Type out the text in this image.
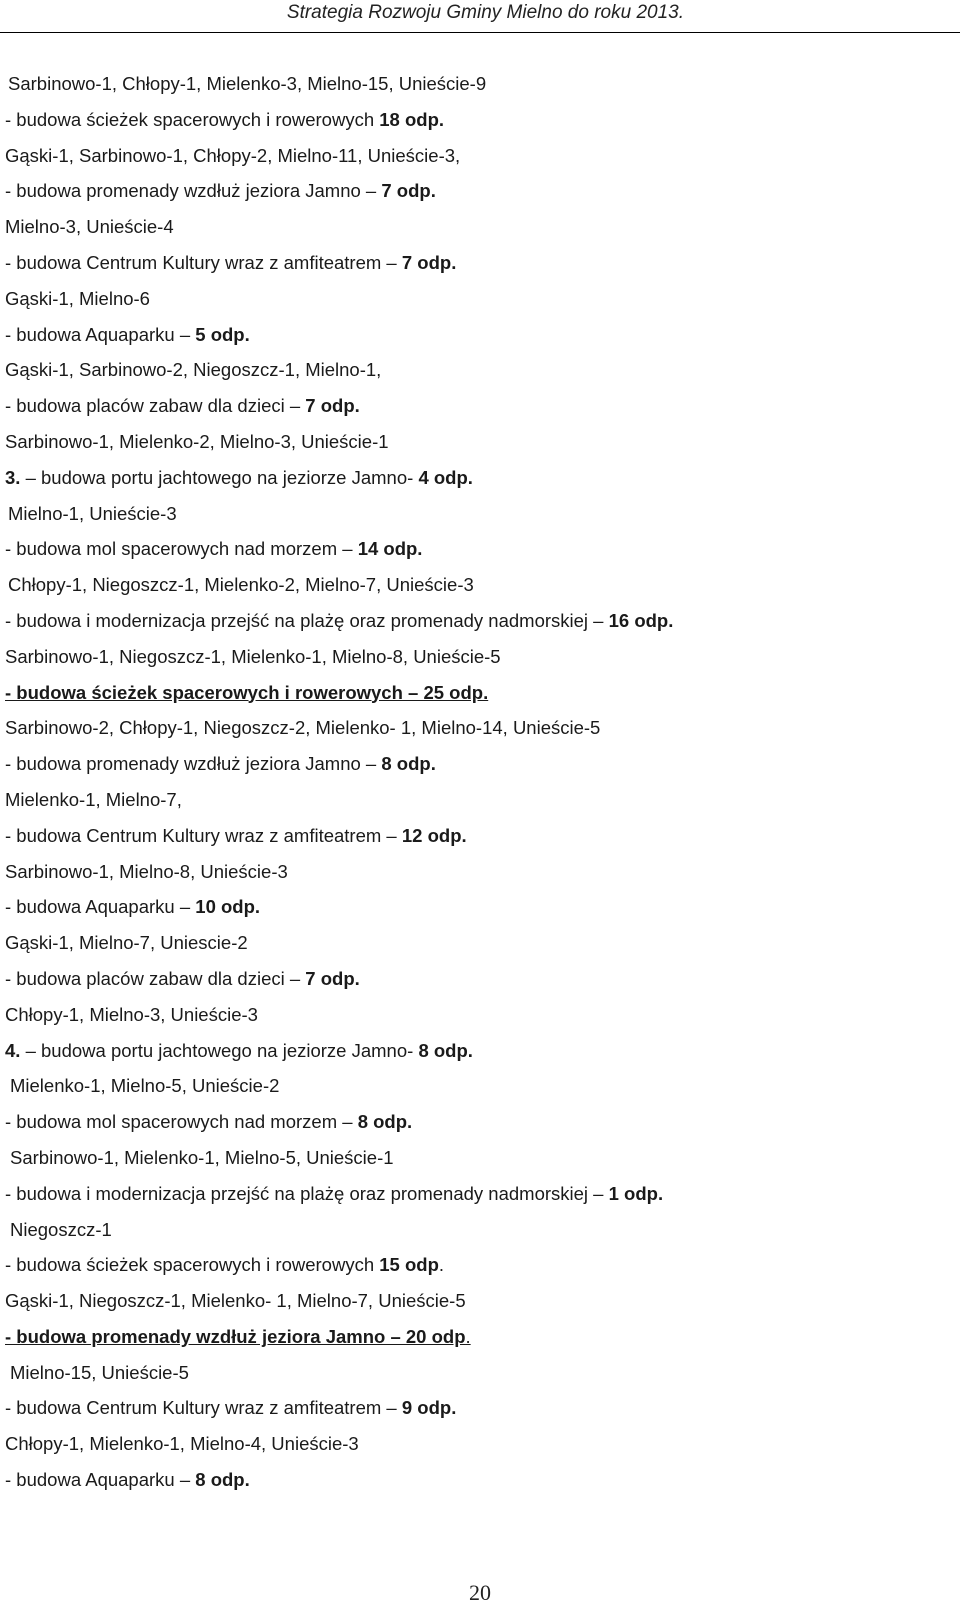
Strategia Rozwoju Gminy Mielno do roku 2013.
Sarbinowo-1, Chłopy-1, Mielenko-3, Mielno-15, Unieście-9
- budowa ścieżek spacerowych i rowerowych 18 odp.
Gąski-1, Sarbinowo-1, Chłopy-2, Mielno-11, Unieście-3,
- budowa promenady wzdłuż jeziora Jamno – 7 odp.
Mielno-3, Unieście-4
- budowa Centrum Kultury wraz z amfiteatrem – 7 odp.
Gąski-1, Mielno-6
- budowa Aquaparku – 5 odp.
Gąski-1, Sarbinowo-2, Niegoszcz-1, Mielno-1,
- budowa placów zabaw dla dzieci – 7 odp.
Sarbinowo-1, Mielenko-2, Mielno-3, Unieście-1
3. – budowa portu jachtowego na jeziorze Jamno- 4 odp.
Mielno-1, Unieście-3
- budowa mol spacerowych nad morzem – 14 odp.
Chłopy-1, Niegoszcz-1, Mielenko-2, Mielno-7, Unieście-3
- budowa i modernizacja przejść na plażę oraz promenady nadmorskiej – 16 odp.
Sarbinowo-1, Niegoszcz-1, Mielenko-1, Mielno-8, Unieście-5
- budowa ścieżek spacerowych i rowerowych – 25 odp.
Sarbinowo-2, Chłopy-1, Niegoszcz-2, Mielenko- 1, Mielno-14, Unieście-5
- budowa promenady wzdłuż jeziora Jamno – 8 odp.
Mielenko-1, Mielno-7,
- budowa Centrum Kultury wraz z amfiteatrem – 12 odp.
Sarbinowo-1, Mielno-8, Unieście-3
- budowa Aquaparku – 10 odp.
Gąski-1, Mielno-7, Uniescie-2
- budowa placów zabaw dla dzieci – 7 odp.
Chłopy-1, Mielno-3, Unieście-3
4. – budowa portu jachtowego na jeziorze Jamno- 8 odp.
Mielenko-1, Mielno-5, Unieście-2
- budowa mol spacerowych nad morzem – 8 odp.
Sarbinowo-1, Mielenko-1, Mielno-5, Unieście-1
- budowa i modernizacja przejść na plażę oraz promenady nadmorskiej – 1 odp.
Niegoszcz-1
- budowa ścieżek spacerowych i rowerowych 15 odp.
Gąski-1, Niegoszcz-1, Mielenko- 1, Mielno-7, Unieście-5
- budowa promenady wzdłuż jeziora Jamno – 20 odp.
Mielno-15, Unieście-5
- budowa Centrum Kultury wraz z amfiteatrem – 9 odp.
Chłopy-1, Mielenko-1, Mielno-4, Unieście-3
- budowa Aquaparku – 8 odp.
20
